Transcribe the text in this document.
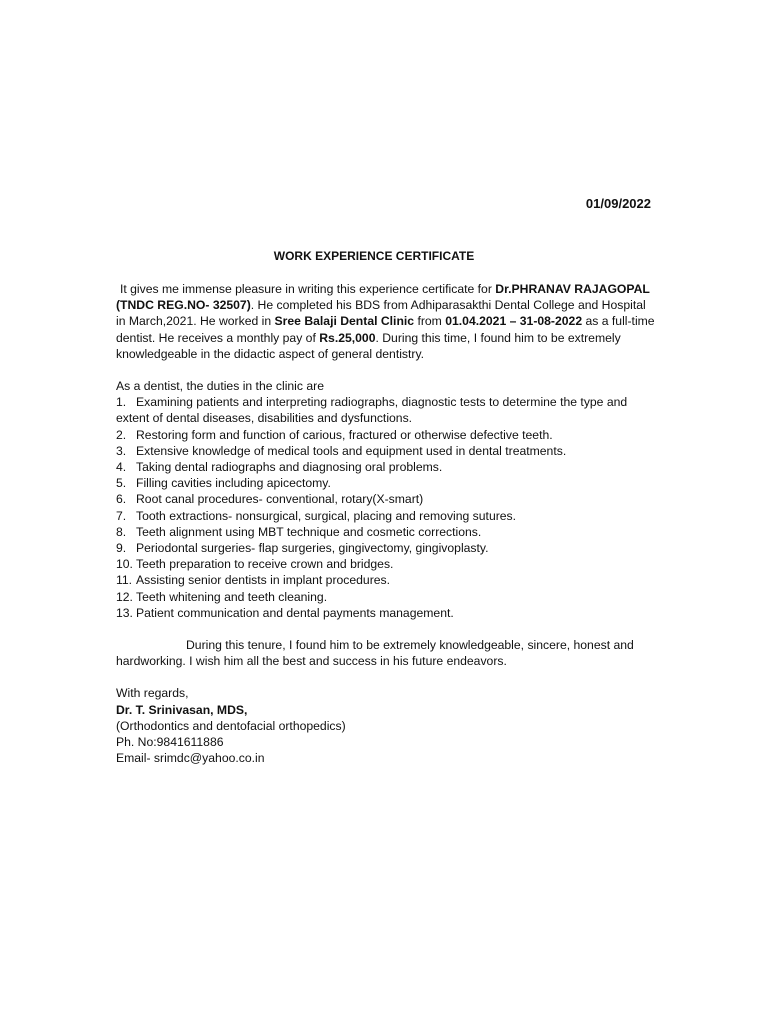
01/09/2022
WORK EXPERIENCE CERTIFICATE

It gives me immense pleasure in writing this experience certificate for Dr.PHRANAV RAJAGOPAL (TNDC REG.NO- 32507). He completed his BDS from Adhiparasakthi Dental College and Hospital in March,2021. He worked in Sree Balaji Dental Clinic from 01.04.2021 – 31-08-2022 as a full-time dentist. He receives a monthly pay of Rs.25,000. During this time, I found him to be extremely knowledgeable in the didactic aspect of general dentistry.

As a dentist, the duties in the clinic are

1. Examining patients and interpreting radiographs, diagnostic tests to determine the type and extent of dental diseases, disabilities and dysfunctions.
2. Restoring form and function of carious, fractured or otherwise defective teeth.
3. Extensive knowledge of medical tools and equipment used in dental treatments.
4. Taking dental radiographs and diagnosing oral problems.
5. Filling cavities including apicectomy.
6. Root canal procedures- conventional, rotary(X-smart)
7. Tooth extractions- nonsurgical, surgical, placing and removing sutures.
8. Teeth alignment using MBT technique and cosmetic corrections.
9. Periodontal surgeries- flap surgeries, gingivectomy, gingivoplasty.
10. Teeth preparation to receive crown and bridges.
11. Assisting senior dentists in implant procedures.
12. Teeth whitening and teeth cleaning.
13. Patient communication and dental payments management.

During this tenure, I found him to be extremely knowledgeable, sincere, honest and hardworking. I wish him all the best and success in his future endeavors.

With regards,

Dr. T. Srinivasan, MDS,

(Orthodontics and dentofacial orthopedics)

Ph. No:9841611886

Email- srimdc@yahoo.co.in
